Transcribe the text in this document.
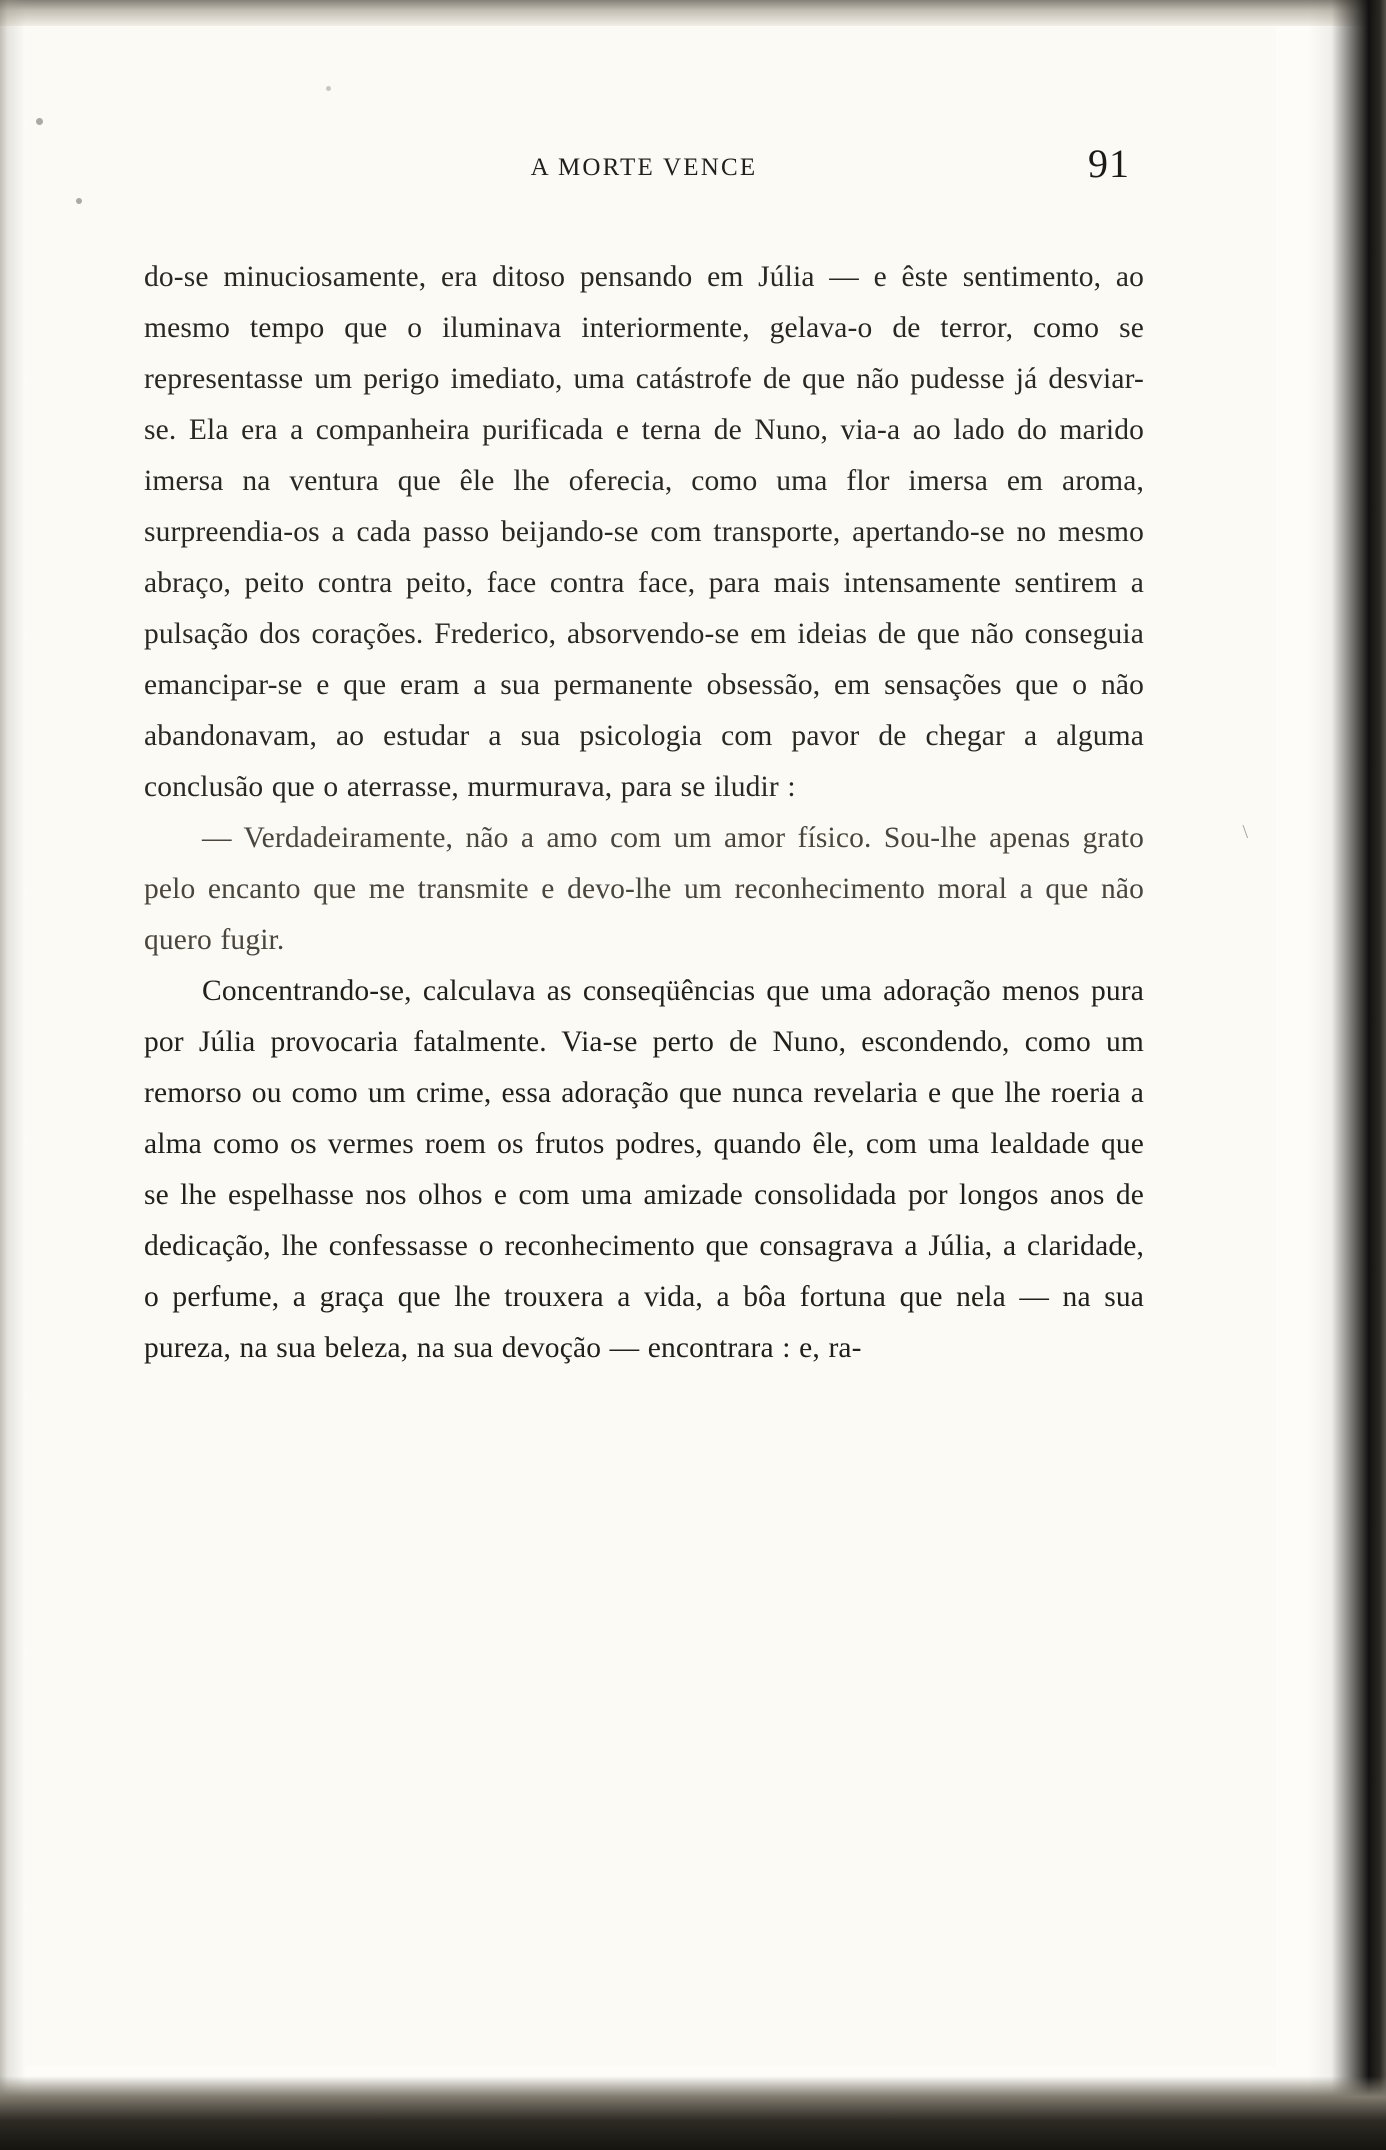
\
A MORTE VENCE	91

do-se minuciosamente, era ditoso pensando em Júlia — e êste sentimento, ao mesmo tempo que o iluminava interiormente, gelava-o de terror, como se representasse um perigo imediato, uma catástrofe de que não pudesse já desviar-se. Ela era a companheira purificada e terna de Nuno, via-a ao lado do marido imersa na ventura que êle lhe oferecia, como uma flor imersa em aroma, surpreendia-os a cada passo beijando-se com transporte, apertando-se no mesmo abraço, peito contra peito, face contra face, para mais intensamente sentirem a pulsação dos corações. Frederico, absorvendo-se em ideias de que não conseguia emancipar-se e que eram a sua permanente obsessão, em sensações que o não abandonavam, ao estudar a sua psicologia com pavor de chegar a alguma conclusão que o aterrasse, murmurava, para se iludir :

— Verdadeiramente, não a amo com um amor físico. Sou-lhe apenas grato pelo encanto que me transmite e devo-lhe um reconhecimento moral a que não quero fugir.

Concentrando-se, calculava as conseqüências que uma adoração menos pura por Júlia provocaria fatalmente. Via-se perto de Nuno, escondendo, como um remorso ou como um crime, essa adoração que nunca revelaria e que lhe roeria a alma como os vermes roem os frutos podres, quando êle, com uma lealdade que se lhe espelhasse nos olhos e com uma amizade consolidada por longos anos de dedicação, lhe confessasse o reconhecimento que consagrava a Júlia, a claridade, o perfume, a graça que lhe trouxera a vida, a bôa fortuna que nela — na sua pureza, na sua beleza, na sua devoção — encontrara : e, ra-
